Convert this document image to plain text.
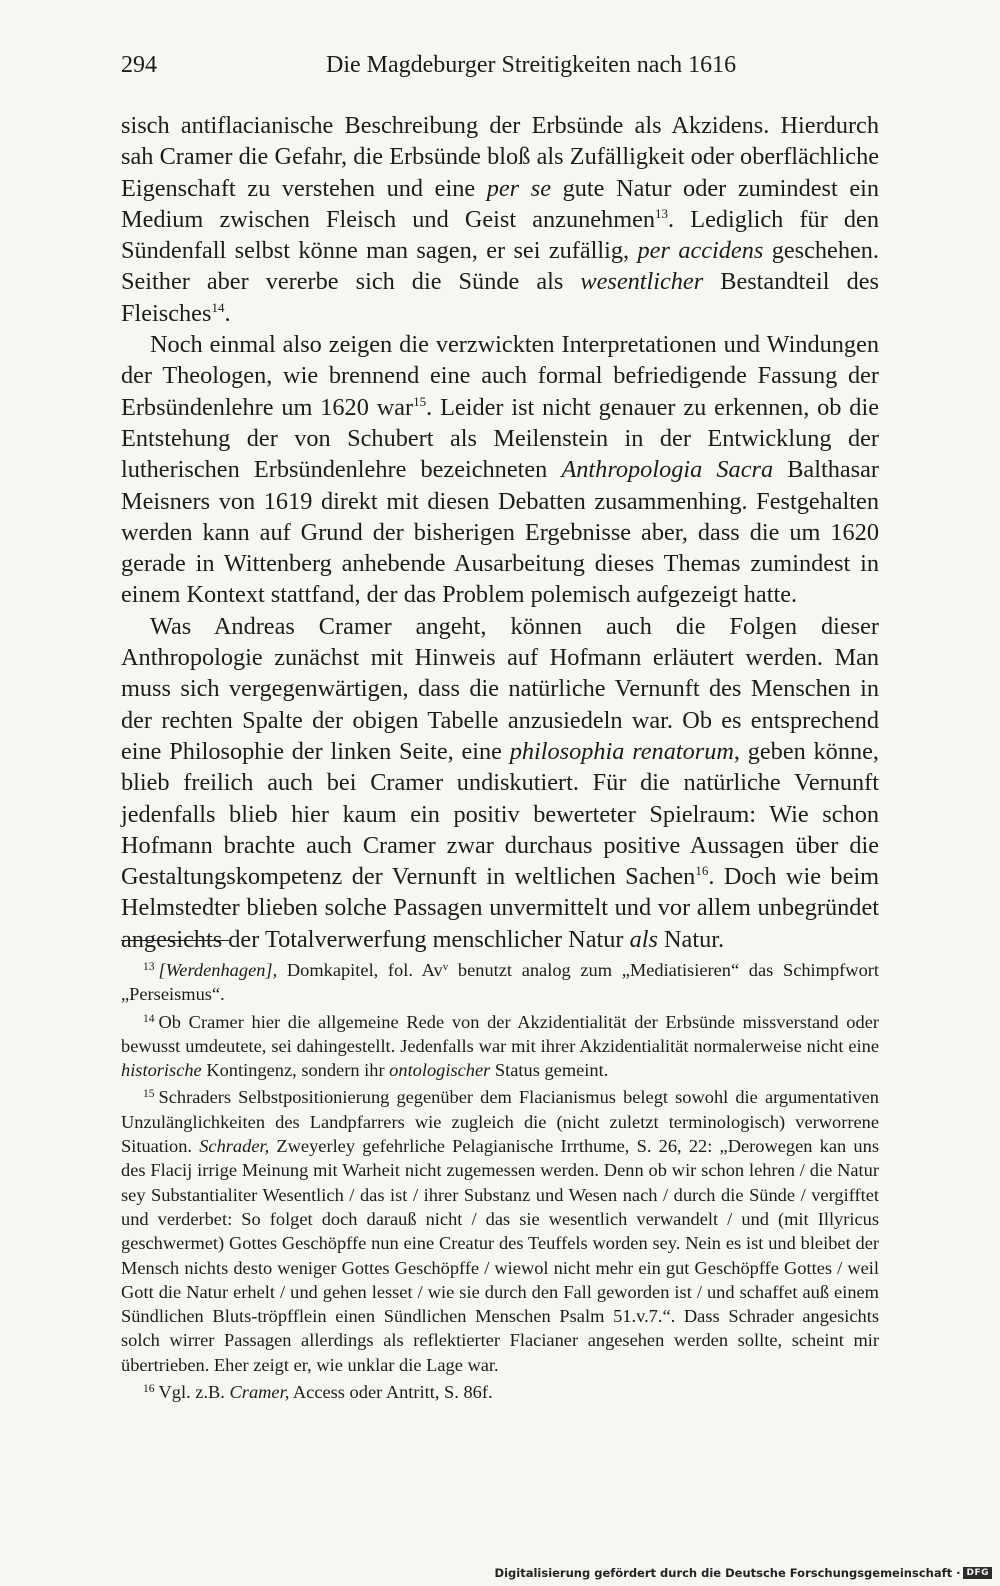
294	Die Magdeburger Streitigkeiten nach 1616

sisch antiflacianische Beschreibung der Erbsünde als Akzidens. Hierdurch sah Cramer die Gefahr, die Erbsünde bloß als Zufälligkeit oder oberflächliche Eigenschaft zu verstehen und eine per se gute Natur oder zumindest ein Medium zwischen Fleisch und Geist anzunehmen$^{13}$. Lediglich für den Sündenfall selbst könne man sagen, er sei zufällig, per accidens geschehen. Seither aber vererbe sich die Sünde als wesentlicher Bestandteil des Fleisches$^{14}$.

Noch einmal also zeigen die verzwickten Interpretationen und Windungen der Theologen, wie brennend eine auch formal befriedigende Fassung der Erbsündenlehre um 1620 war$^{15}$. Leider ist nicht genauer zu erkennen, ob die Entstehung der von Schubert als Meilenstein in der Entwicklung der lutherischen Erbsündenlehre bezeichneten Anthropologia Sacra Balthasar Meisners von 1619 direkt mit diesen Debatten zusammenhing. Festgehalten werden kann auf Grund der bisherigen Ergebnisse aber, dass die um 1620 gerade in Wittenberg anhebende Ausarbeitung dieses Themas zumindest in einem Kontext stattfand, der das Problem polemisch aufgezeigt hatte.

Was Andreas Cramer angeht, können auch die Folgen dieser Anthropologie zunächst mit Hinweis auf Hofmann erläutert werden. Man muss sich vergegenwärtigen, dass die natürliche Vernunft des Menschen in der rechten Spalte der obigen Tabelle anzusiedeln war. Ob es entsprechend eine Philosophie der linken Seite, eine philosophia renatorum, geben könne, blieb freilich auch bei Cramer undiskutiert. Für die natürliche Vernunft jedenfalls blieb hier kaum ein positiv bewerteter Spielraum: Wie schon Hofmann brachte auch Cramer zwar durchaus positive Aussagen über die Gestaltungskompetenz der Vernunft in weltlichen Sachen$^{16}$. Doch wie beim Helmstedter blieben solche Passagen unvermittelt und vor allem unbegründet angesichts der Totalverwerfung menschlicher Natur als Natur.

$^{13}$ [Werdenhagen], Domkapitel, fol. Av$^v$ benutzt analog zum „Mediatisieren“ das Schimpfwort „Perseismus“.

$^{14}$ Ob Cramer hier die allgemeine Rede von der Akzidentialität der Erbsünde missverstand oder bewusst umdeutete, sei dahingestellt. Jedenfalls war mit ihrer Akzidentialität normalerweise nicht eine historische Kontingenz, sondern ihr ontologischer Status gemeint.

$^{15}$ Schraders Selbstpositionierung gegenüber dem Flacianismus belegt sowohl die argumentativen Unzulänglichkeiten des Landpfarrers wie zugleich die (nicht zuletzt terminologisch) verworrene Situation. Schrader, Zweyerley gefehrliche Pelagianische Irrthume, S. 26, 22: „Derowegen kan uns des Flacij irrige Meinung mit Warheit nicht zugemessen werden. Denn ob wir schon lehren / die Natur sey Substantialiter Wesentlich / das ist / ihrer Substanz und Wesen nach / durch die Sünde / vergifftet und verderbet: So folget doch darauß nicht / das sie wesentlich verwandelt / und (mit Illyricus geschwermet) Gottes Geschöpffe nun eine Creatur des Teuffels worden sey. Nein es ist und bleibet der Mensch nichts desto weniger Gottes Geschöpffe / wiewol nicht mehr ein gut Geschöpffe Gottes / weil Gott die Natur erhelt / und gehen lesset / wie sie durch den Fall geworden ist / und schaffet auß einem Sündlichen Bluts-tröpfflein einen Sündlichen Menschen Psalm 51.v.7.“. Dass Schrader angesichts solch wirrer Passagen allerdings als reflektierter Flacianer angesehen werden sollte, scheint mir übertrieben. Eher zeigt er, wie unklar die Lage war.

$^{16}$ Vgl. z.B. Cramer, Access oder Antritt, S. 86f.

Digitalisierung gefördert durch die Deutsche Forschungsgemeinschaft · DFG
